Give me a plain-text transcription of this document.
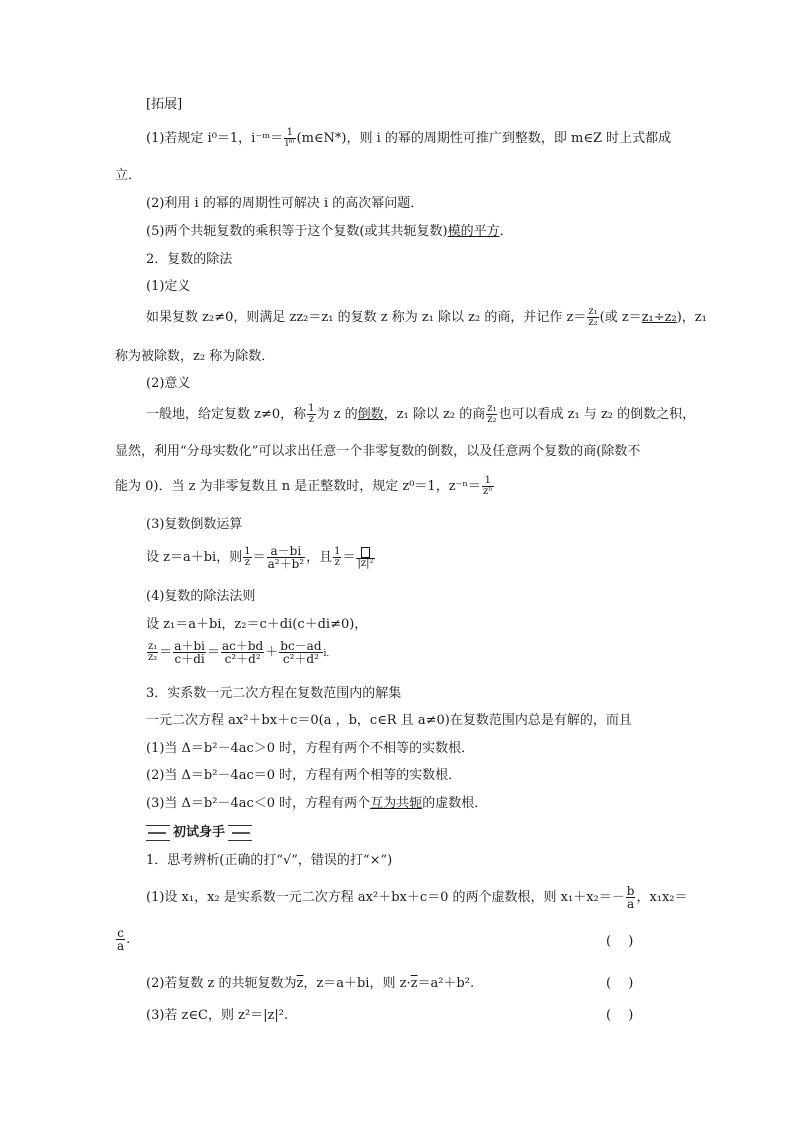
[拓展]
(1)若规定 i⁰＝1，i⁻ᵐ＝ $\frac{1}{\text{iᵐ}}$ (m∈N*)，则 i 的幂的周期性可推广到整数，即 m∈Z 时上式都成
立．
(2)利用 i 的幂的周期性可解决 i 的高次幂问题．
(5)两个共轭复数的乘积等于这个复数(或其共轭复数)模的平方．
2．复数的除法
(1)定义
如果复数 z₂≠0，则满足 zz₂＝z₁ 的复数 z 称为 z₁ 除以 z₂ 的商，并记作 $z= \frac{\text{z₁}}{\text{z₂}}$ (或 z＝z₁÷z₂)，z₁
称为被除数，z₂ 称为除数．
(2)意义
一般地，给定复数 z≠0，称 $\frac{1}{z}$ 为 z 的倒数，z₁ 除以 z₂ 的商 $\frac{\text{z₁}}{\text{z₂}}$ 也可以看成 z₁ 与 z₂ 的倒数之积，
显然，利用“分母实数化”可以求出任意一个非零复数的倒数，以及任意两个复数的商(除数不
能为 0)．当 z 为非零复数且 n 是正整数时，规定 z⁰＝1，$z^{-n}= \frac{1}{\text{zⁿ}}$
(3)复数倒数运算
设 z＝a＋bi，则 $\frac{1}{z} = \frac{a-bi}{\text{a²＋b²}}$ ，且 $\frac{1}{z} = |z|^2$
(4)复数的除法法则
设 z₁＝a＋bi，z₂＝c＋di(c＋di≠0)，
$\frac{\text{z₁}}{\text{z₂}} = \frac{a+bi}{c+di} = \frac{ac+bd}{\text{c²＋d²}} + \frac{bc-ad}{\text{c²＋d²}}$ i．
3．实系数一元二次方程在复数范围内的解集
一元二次方程 ax²＋bx＋c＝0(a ，b，c∈R 且 a≠0)在复数范围内总是有解的，而且
(1)当 Δ＝b²－4ac＞0 时，方程有两个不相等的实数根．
(2)当 Δ＝b²－4ac＝0 时，方程有两个相等的实数根．
(3)当 Δ＝b²－4ac＜0 时，方程有两个互为共轭的虚数根．
初试身手
1．思考辨析(正确的打“√”，错误的打“×”)
(1)设 x₁，x₂ 是实系数一元二次方程 ax²＋bx＋c＝0 的两个虚数根，则 $x_1+x_2=- \frac{b}{a}$ ，x₁x₂＝
$\frac{c}{a}$ .	(　 )
(2)若复数 z 的共轭复数为$\overline{z}$，z＝a＋bi，则 $z\cdot\overline{z}=a^2+b^2$.	(　 )
(3)若 z∈C，则 z²＝|z|².	(　 )
